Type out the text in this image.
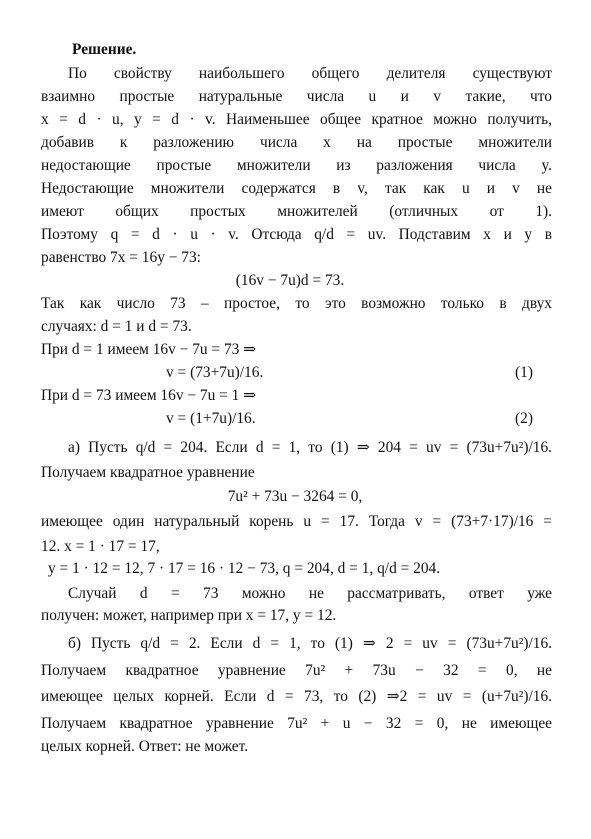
Решение.
По свойству наибольшего общего делителя существуют
взаимно простые натуральные числа u и v такие, что
x = d · u, y = d · v. Наименьшее общее кратное можно получить,
добавив к разложению числа x на простые множители
недостающие простые множители из разложения числа y.
Недостающие множители содержатся в v, так как u и v не
имеют общих простых множителей (отличных от 1).
Поэтому q = d · u · v. Отсюда q/d = uv. Подставим x и y в
равенство 7x = 16y − 73:
(16v − 7u)d = 73.
Так как число 73 – простое, то это возможно только в двух
случаях: d = 1 и d = 73.
При d = 1 имеем 16v − 7u = 73 ⇒
v = (73+7u)/16.	(1)
При d = 73 имеем 16v − 7u = 1 ⇒
v = (1+7u)/16.	(2)
а) Пусть q/d = 204. Если d = 1, то (1) ⇒ 204 = uv = (73u+7u²)/16.
Получаем квадратное уравнение
7u² + 73u − 3264 = 0,
имеющее один натуральный корень u = 17. Тогда v = (73+7·17)/16 =
12. x = 1 · 17 = 17,
y = 1 · 12 = 12, 7 · 17 = 16 · 12 − 73, q = 204, d = 1, q/d = 204.
Случай d = 73 можно не рассматривать, ответ уже
получен: может, например при x = 17, y = 12.
б) Пусть q/d = 2. Если d = 1, то (1) ⇒ 2 = uv = (73u+7u²)/16.
Получаем квадратное уравнение 7u² + 73u − 32 = 0, не
имеющее целых корней. Если d = 73, то (2) ⇒2 = uv = (u+7u²)/16.
Получаем квадратное уравнение 7u² + u − 32 = 0, не имеющее
целых корней. Ответ: не может.
